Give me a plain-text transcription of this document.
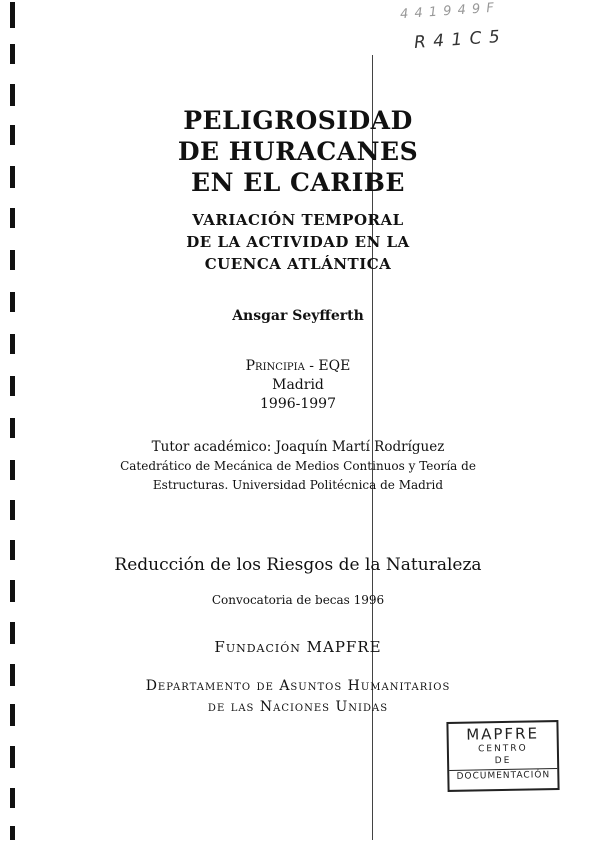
4 4 1 9 4 9 F
R 4 1 C 5
PELIGROSIDAD
DE HURACANES
EN EL CARIBE
VARIACIÓN TEMPORAL
DE LA ACTIVIDAD EN LA
CUENCA ATLÁNTICA
Ansgar Seyfferth
Principia - EQE
Madrid
1996-1997
Tutor académico: Joaquín Martí Rodríguez
Catedrático de Mecánica de Medios Continuos y Teoría de
Estructuras. Universidad Politécnica de Madrid
Reducción de los Riesgos de la Naturaleza
Convocatoria de becas 1996
Fundación MAPFRE
Departamento de Asuntos Humanitarios
de las Naciones Unidas
MAPFRE
CENTRO
DE
DOCUMENTACIÓN
